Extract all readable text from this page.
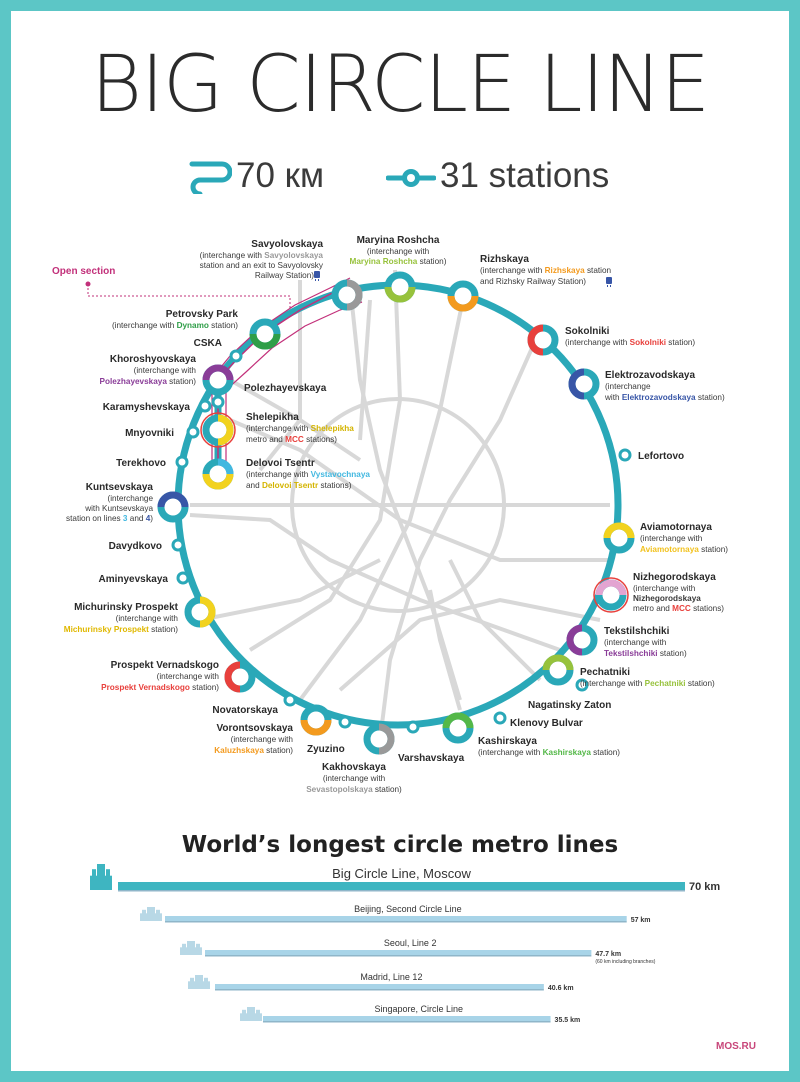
BIG CIRCLE LINE
70 км	31 stations
Open section
Savyolovskaya
(interchange with Savyolovskaya
station and an exit to Savyolovsky
Railway Station)
Maryina Roshcha
(interchange with
Maryina Roshcha station)	Rizhskaya
(interchange with Rizhskaya station
and Rizhsky Railway Station)
Sokolniki
(interchange with Sokolniki station)
Elektrozavodskaya
(interchange
with Elektrozavodskaya station)
Lefortovo
Aviamotornaya
(interchange with
Aviamotornaya station)
Nizhegorodskaya
(interchange with
Nizhegorodskaya
metro and MCC stations)
Tekstilshchiki
(interchange with
Tekstilshchiki station)
Pechatniki
(interchange with Pechatniki station)
Nagatinsky Zaton
Klenovy Bulvar
Kashirskaya
(interchange with Kashirskaya station)
Varshavskaya
Kakhovskaya
(interchange with
Sevastopolskaya station)
Zyuzino
Vorontsovskaya
(interchange with
Kaluzhskaya station)
Novatorskaya
Prospekt Vernadskogo
(interchange with
Prospekt Vernadskogo station)
Michurinsky Prospekt
(interchange with
Michurinsky Prospekt station)
Aminyevskaya
Davydkovo
Kuntsevskaya
(interchange
with Kuntsevskaya
station on lines 3 and 4)
Terekhovo
Mnyovniki
Karamyshevskaya
Khoroshyovskaya
(interchange with
Polezhayevskaya station)
CSKA
Petrovsky Park
(interchange with Dynamo station)
Polezhayevskaya
Shelepikha
(interchange with Shelepikha
metro and MCC stations)
Delovoi Tsentr
(interchange with Vystavochnaya
and Delovoi Tsentr stations)
World’s longest circle metro lines
Big Circle Line, Moscow
70 km
Beijing, Second Circle Line
57 km
Seoul, Line 2
47.7 km
(60 km including branches)
Madrid, Line 12
40.6 km
Singapore, Circle Line
35.5 km
MOS.RU
